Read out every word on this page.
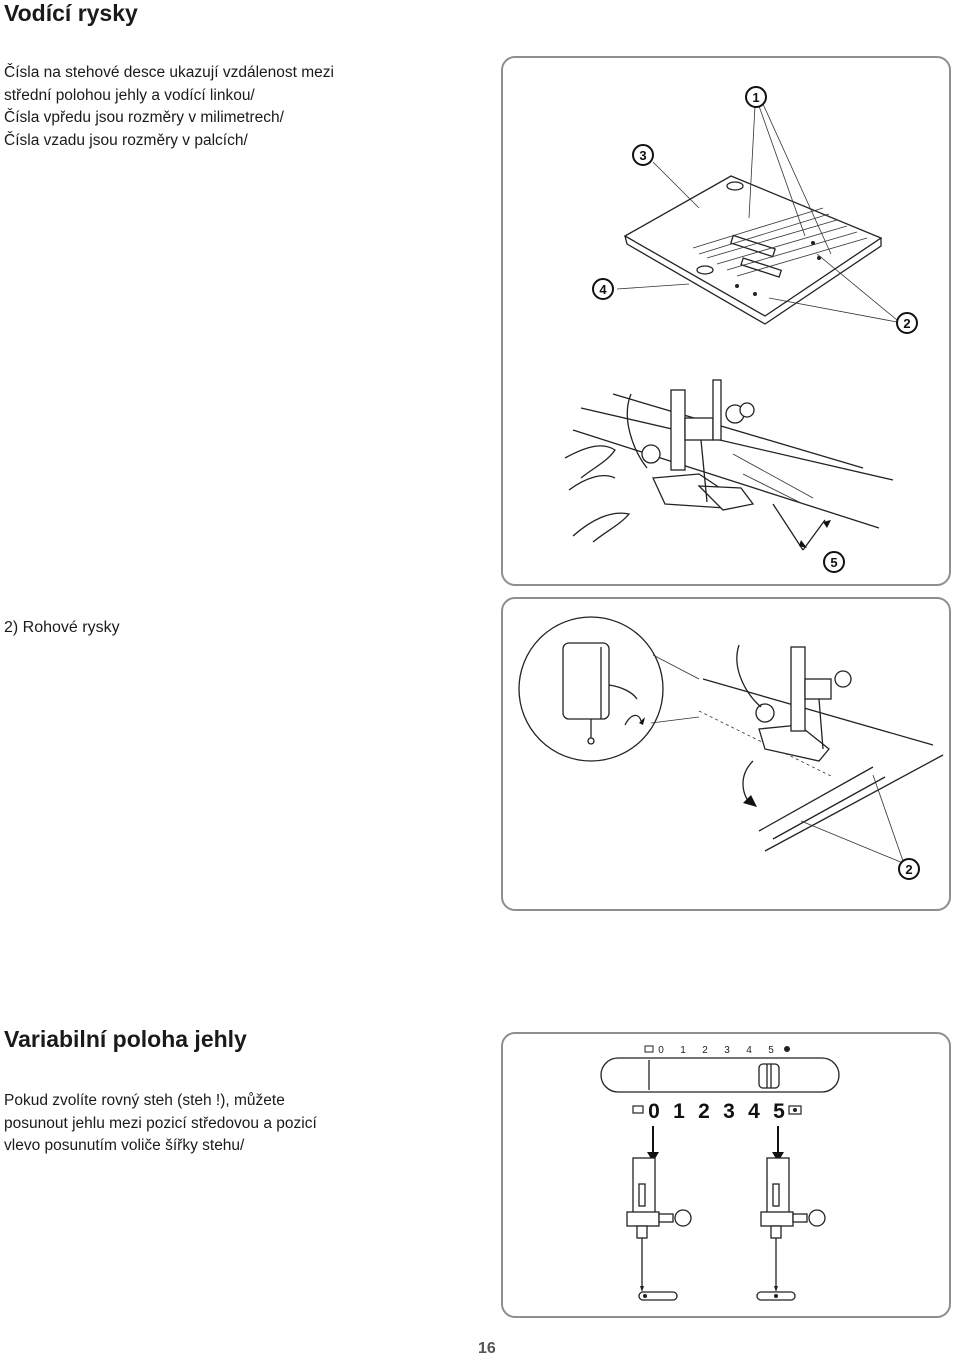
Vodící rysky
Čísla na stehové desce ukazují vzdálenost mezi
střední polohou jehly a vodící linkou/
Čísla vpředu jsou rozměry v milimetrech/
Čísla vzadu jsou rozměry v palcích/
1
2
3
4
5
2) Rohové rysky
2
Variabilní poloha jehly
Pokud zvolíte rovný steh (steh !), můžete
posunout jehlu mezi pozicí středovou a pozicí
vlevo posunutím voliče šířky stehu/
0 1 2 3 4 5
0 1 2 3 4 5
16
